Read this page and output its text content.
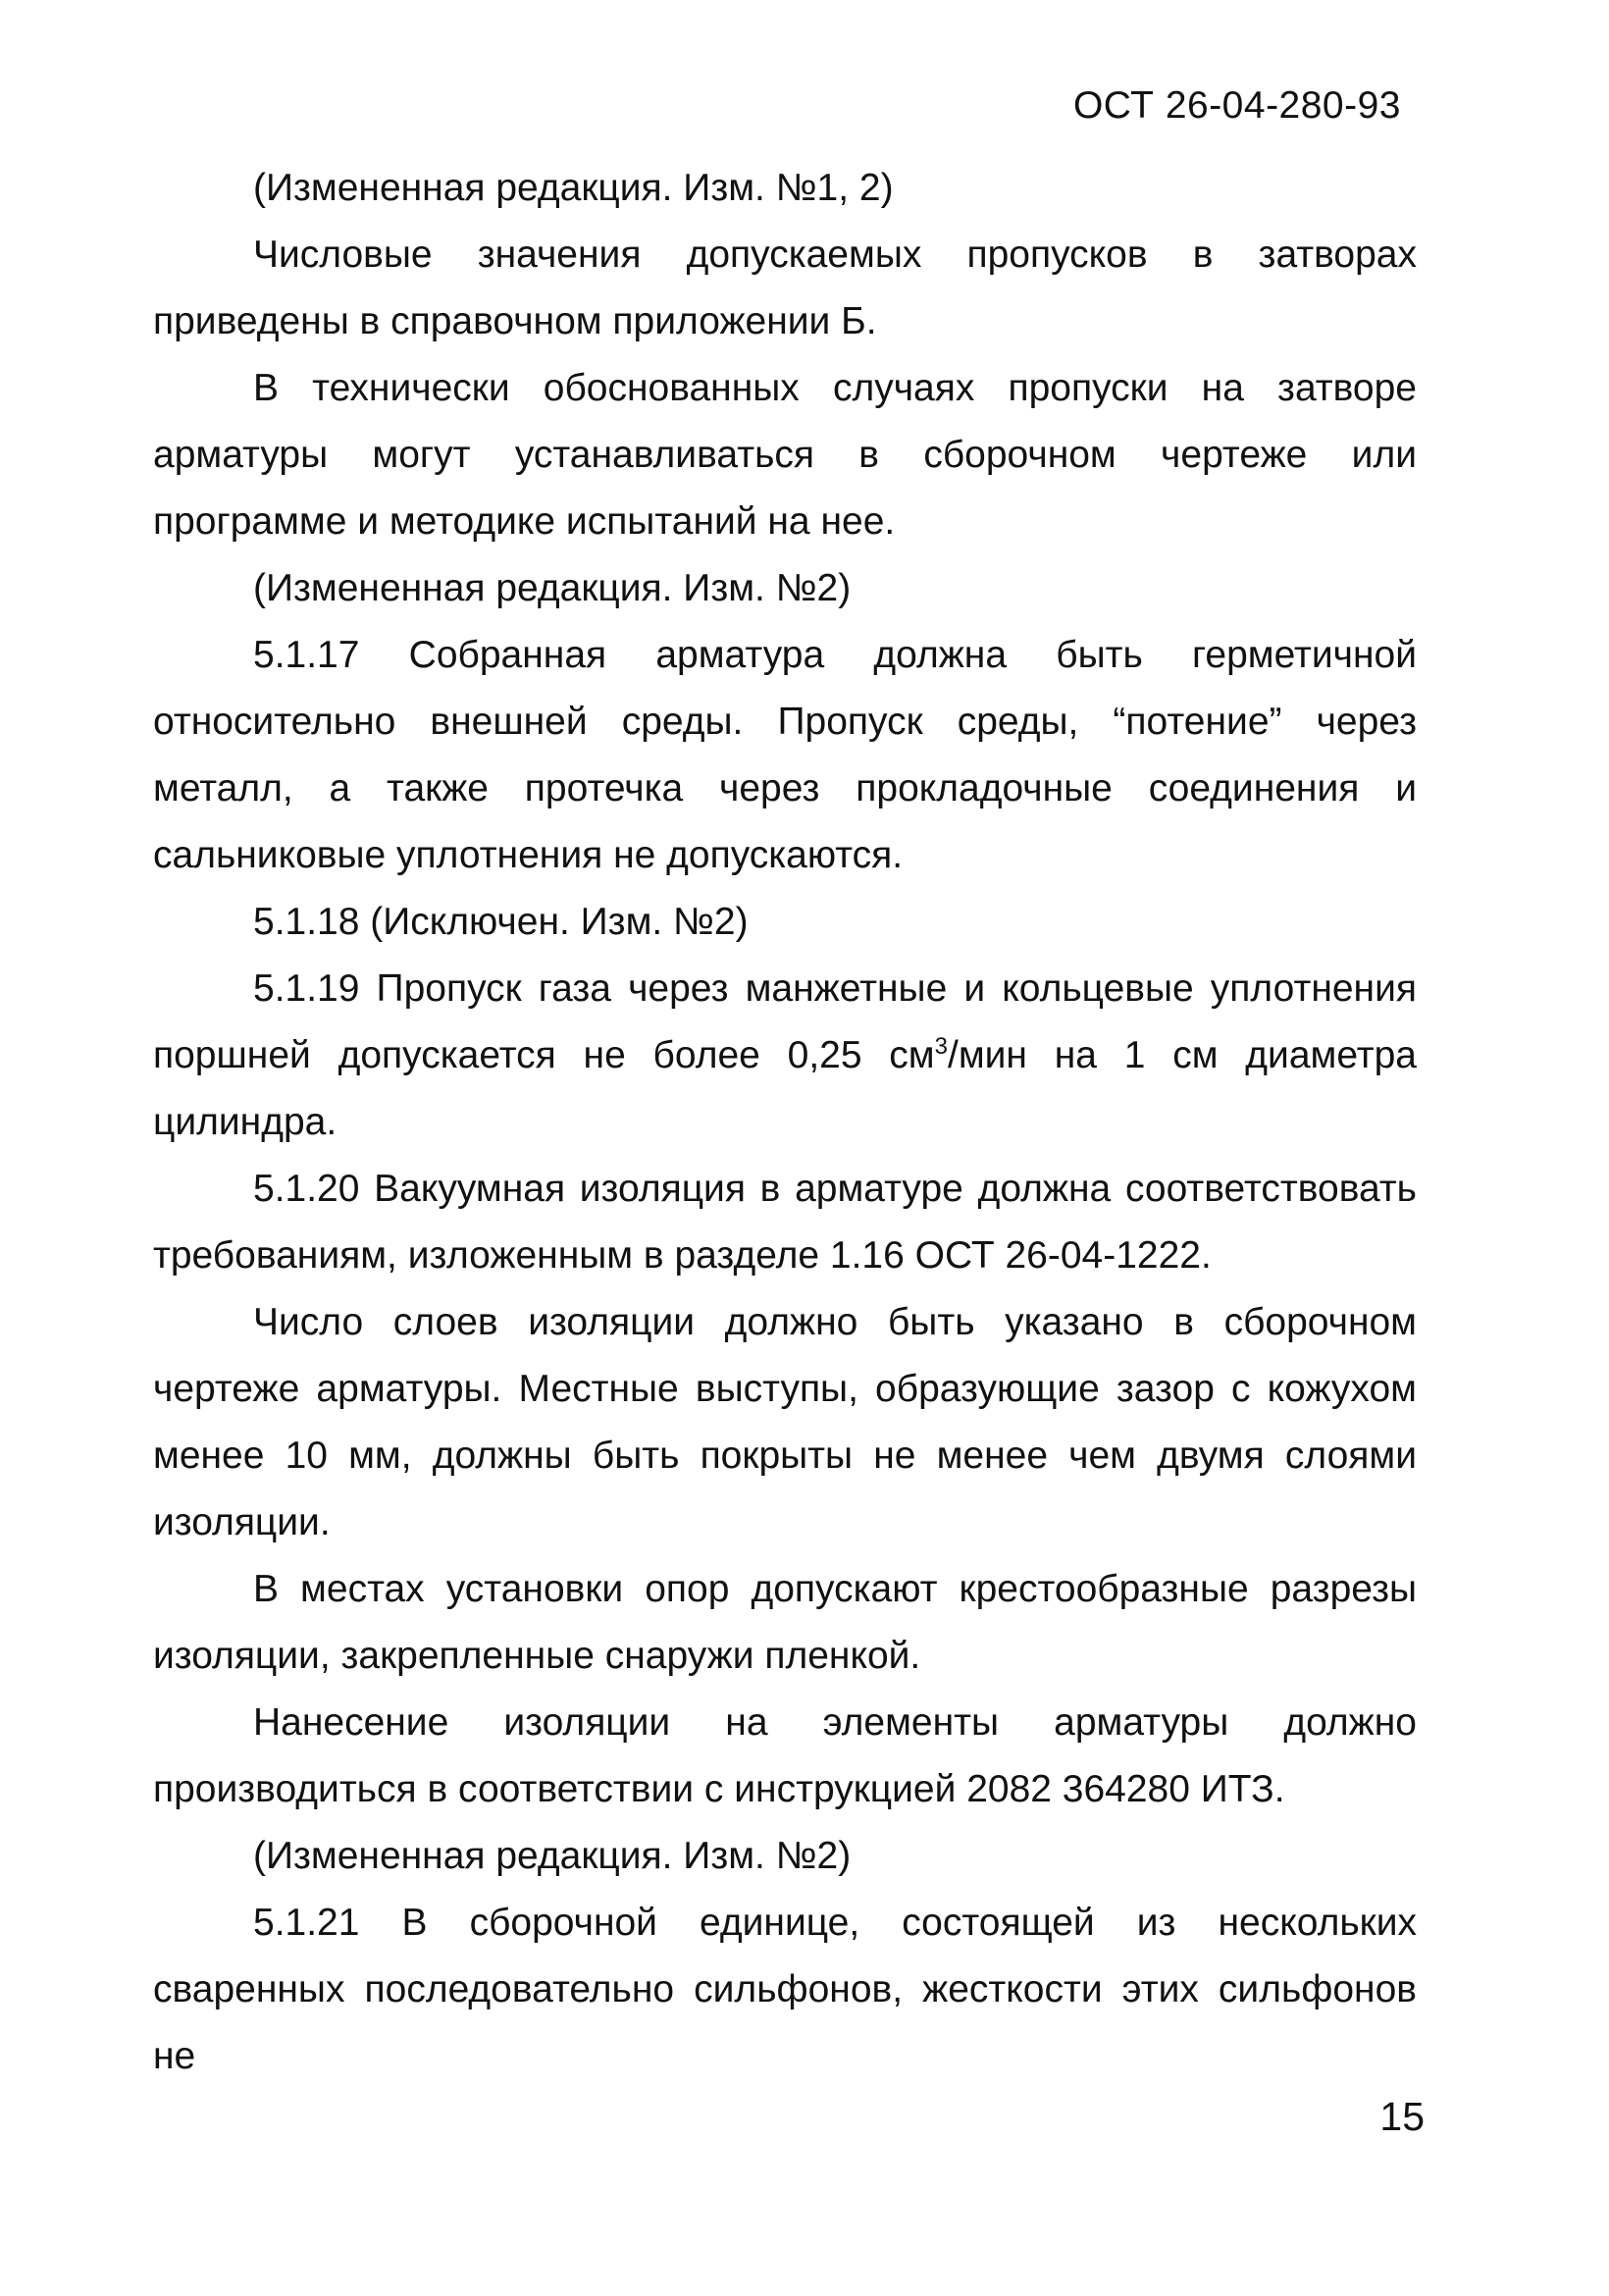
ОСТ 26-04-280-93

(Измененная редакция. Изм. №1, 2)

Числовые значения допускаемых пропусков в затворах приведены в справочном приложении Б.

В технически обоснованных случаях пропуски на затворе арматуры могут устанавливаться в сборочном чертеже или программе и методике испытаний на нее.

(Измененная редакция. Изм. №2)

5.1.17 Собранная арматура должна быть герметичной относительно внешней среды. Пропуск среды, “потение” через металл, а также протечка через прокладочные соединения и сальниковые уплотнения не допускаются.

5.1.18 (Исключен. Изм. №2)

5.1.19 Пропуск газа через манжетные и кольцевые уплотнения поршней допускается не более 0,25 $см^3$/мин на 1 см диаметра цилиндра.

5.1.20 Вакуумная изоляция в арматуре должна соответствовать требованиям, изложенным в разделе 1.16 ОСТ 26-04-1222.

Число слоев изоляции должно быть указано в сборочном чертеже арматуры. Местные выступы, образующие зазор с кожухом менее 10 мм, должны быть покрыты не менее чем двумя слоями изоляции.

В местах установки опор допускают крестообразные разрезы изоляции, закрепленные снаружи пленкой.

Нанесение изоляции на элементы арматуры должно производиться в соответствии с инструкцией 2082 364280 ИТЗ.

(Измененная редакция. Изм. №2)

5.1.21 В сборочной единице, состоящей из нескольких сваренных последовательно сильфонов, жесткости этих сильфонов не

15
